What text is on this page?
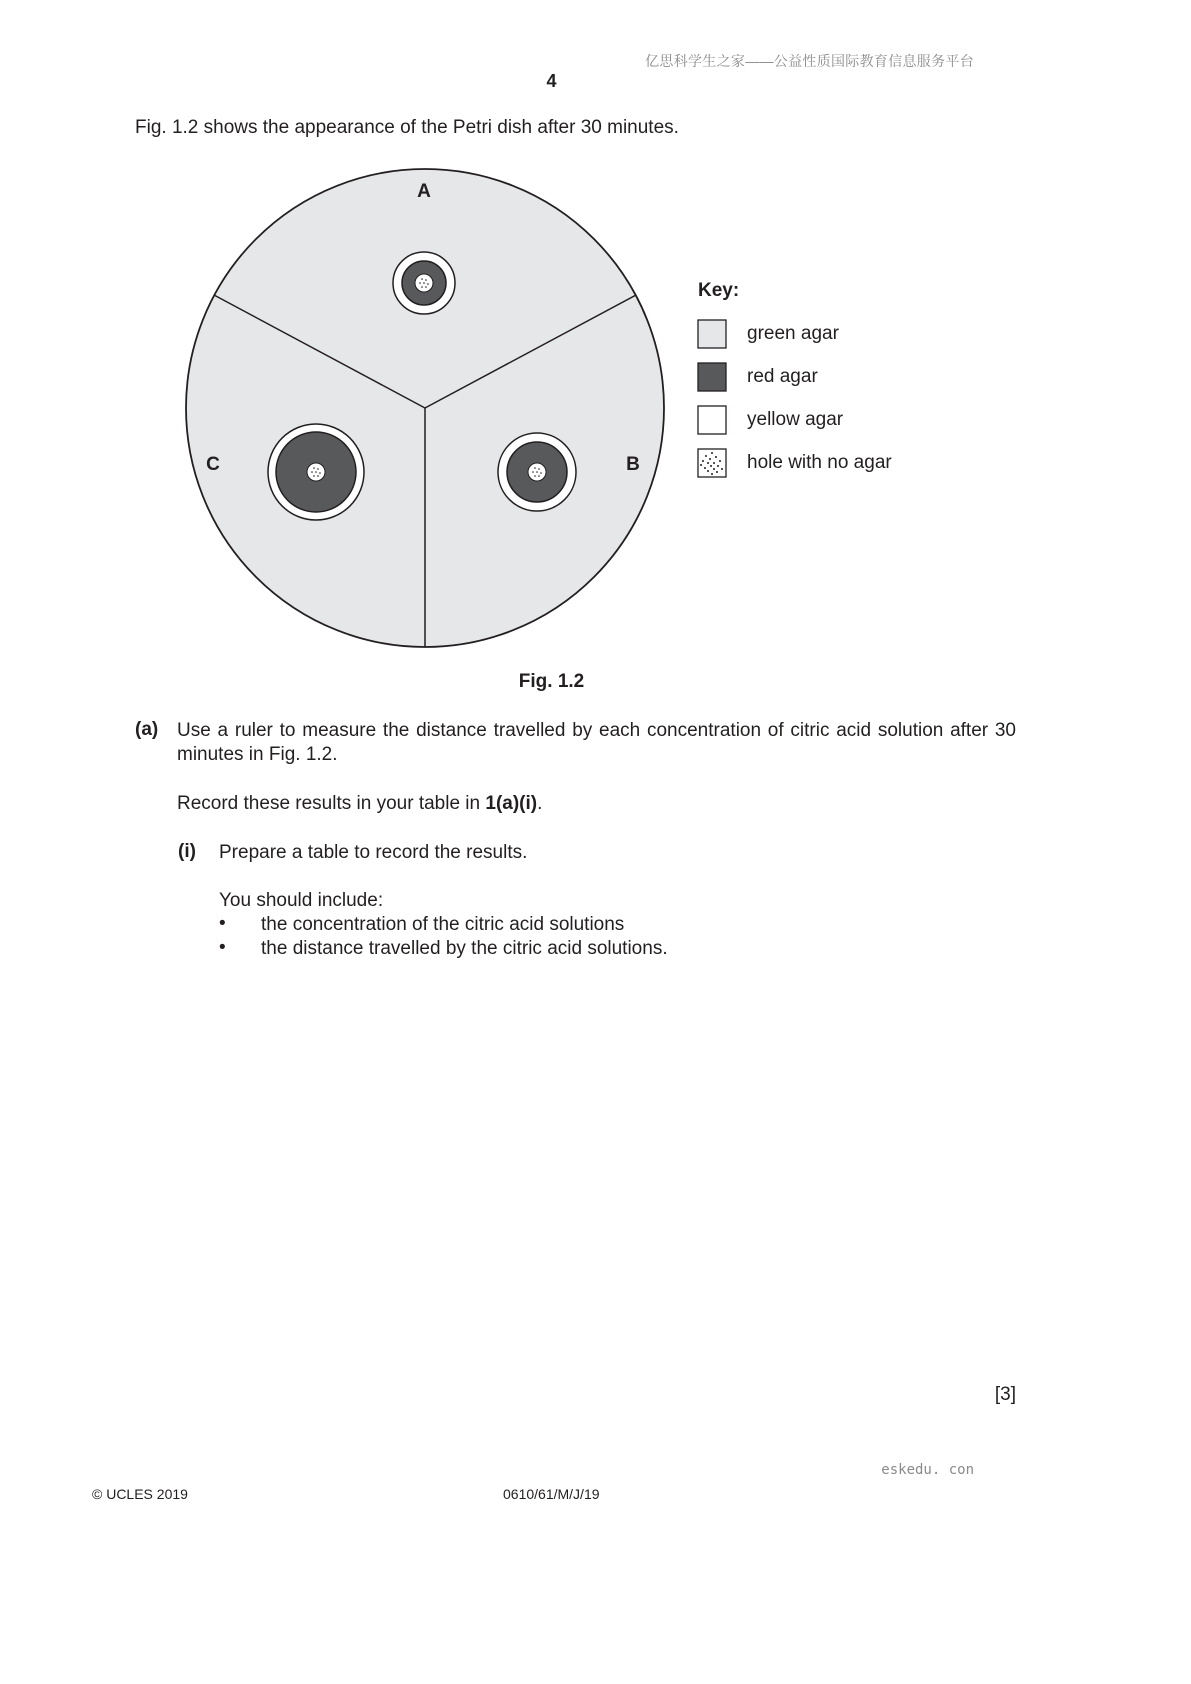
亿思科学生之家——公益性质国际教育信息服务平台
4
Fig. 1.2 shows the appearance of the Petri dish after 30 minutes.
A
B
C
Key:
green agar
red agar
yellow agar
hole with no agar
Fig. 1.2
(a) Use a ruler to measure the distance travelled by each concentration of citric acid solution after 30 minutes in Fig. 1.2.
Record these results in your table in 1(a)(i).
(i) Prepare a table to record the results.
You should include:
• the concentration of the citric acid solutions
• the distance travelled by the citric acid solutions.
[3]
eskedu. con
© UCLES 2019	0610/61/M/J/19
